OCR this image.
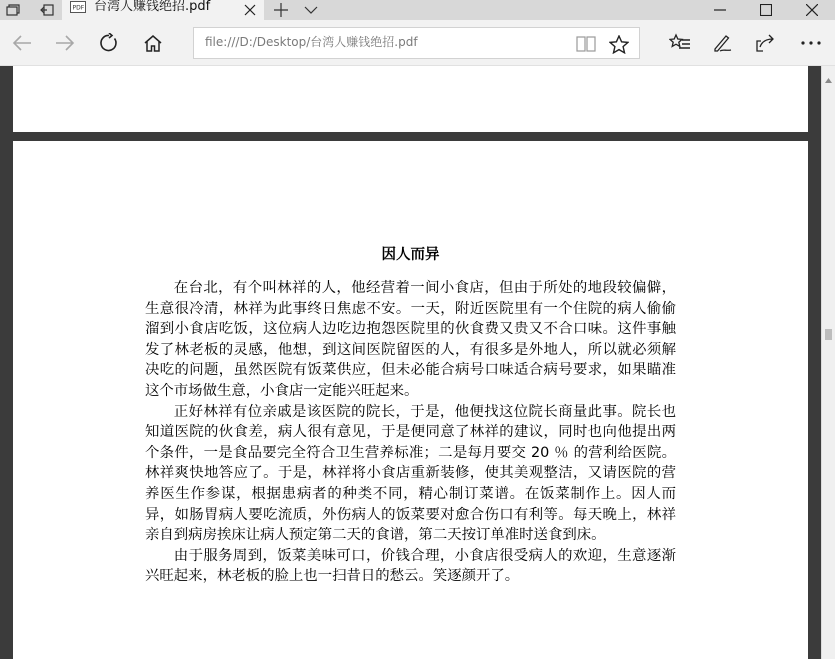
PDF 台湾人赚钱绝招.pdf
file:///D:/Desktop/台湾人赚钱绝招.pdf
因人而异

在台北，有个叫林祥的人，他经营着一间小食店，但由于所处的地段较偏僻，生意很冷清，林祥为此事终日焦虑不安。一天，附近医院里有一个住院的病人偷偷溜到小食店吃饭，这位病人边吃边抱怨医院里的伙食费又贵又不合口味。这件事触发了林老板的灵感，他想，到这间医院留医的人，有很多是外地人，所以就必须解决吃的问题，虽然医院有饭菜供应，但未必能合病号口味适合病号要求，如果瞄准这个市场做生意，小食店一定能兴旺起来。

正好林祥有位亲戚是该医院的院长，于是，他便找这位院长商量此事。院长也知道医院的伙食差，病人很有意见，于是便同意了林祥的建议，同时也向他提出两个条件，一是食品要完全符合卫生营养标准；二是每月要交 20 ％ 的营利给医院。林祥爽快地答应了。于是，林祥将小食店重新装修，使其美观整洁，又请医院的营养医生作参谋，根据患病者的种类不同，精心制订菜谱。在饭菜制作上。因人而异，如肠胃病人要吃流质，外伤病人的饭菜要对愈合伤口有利等。每天晚上，林祥亲自到病房挨床让病人预定第二天的食谱，第二天按订单准时送食到床。

由于服务周到，饭菜美味可口，价钱合理，小食店很受病人的欢迎，生意逐渐兴旺起来，林老板的脸上也一扫昔日的愁云。笑逐颜开了。
